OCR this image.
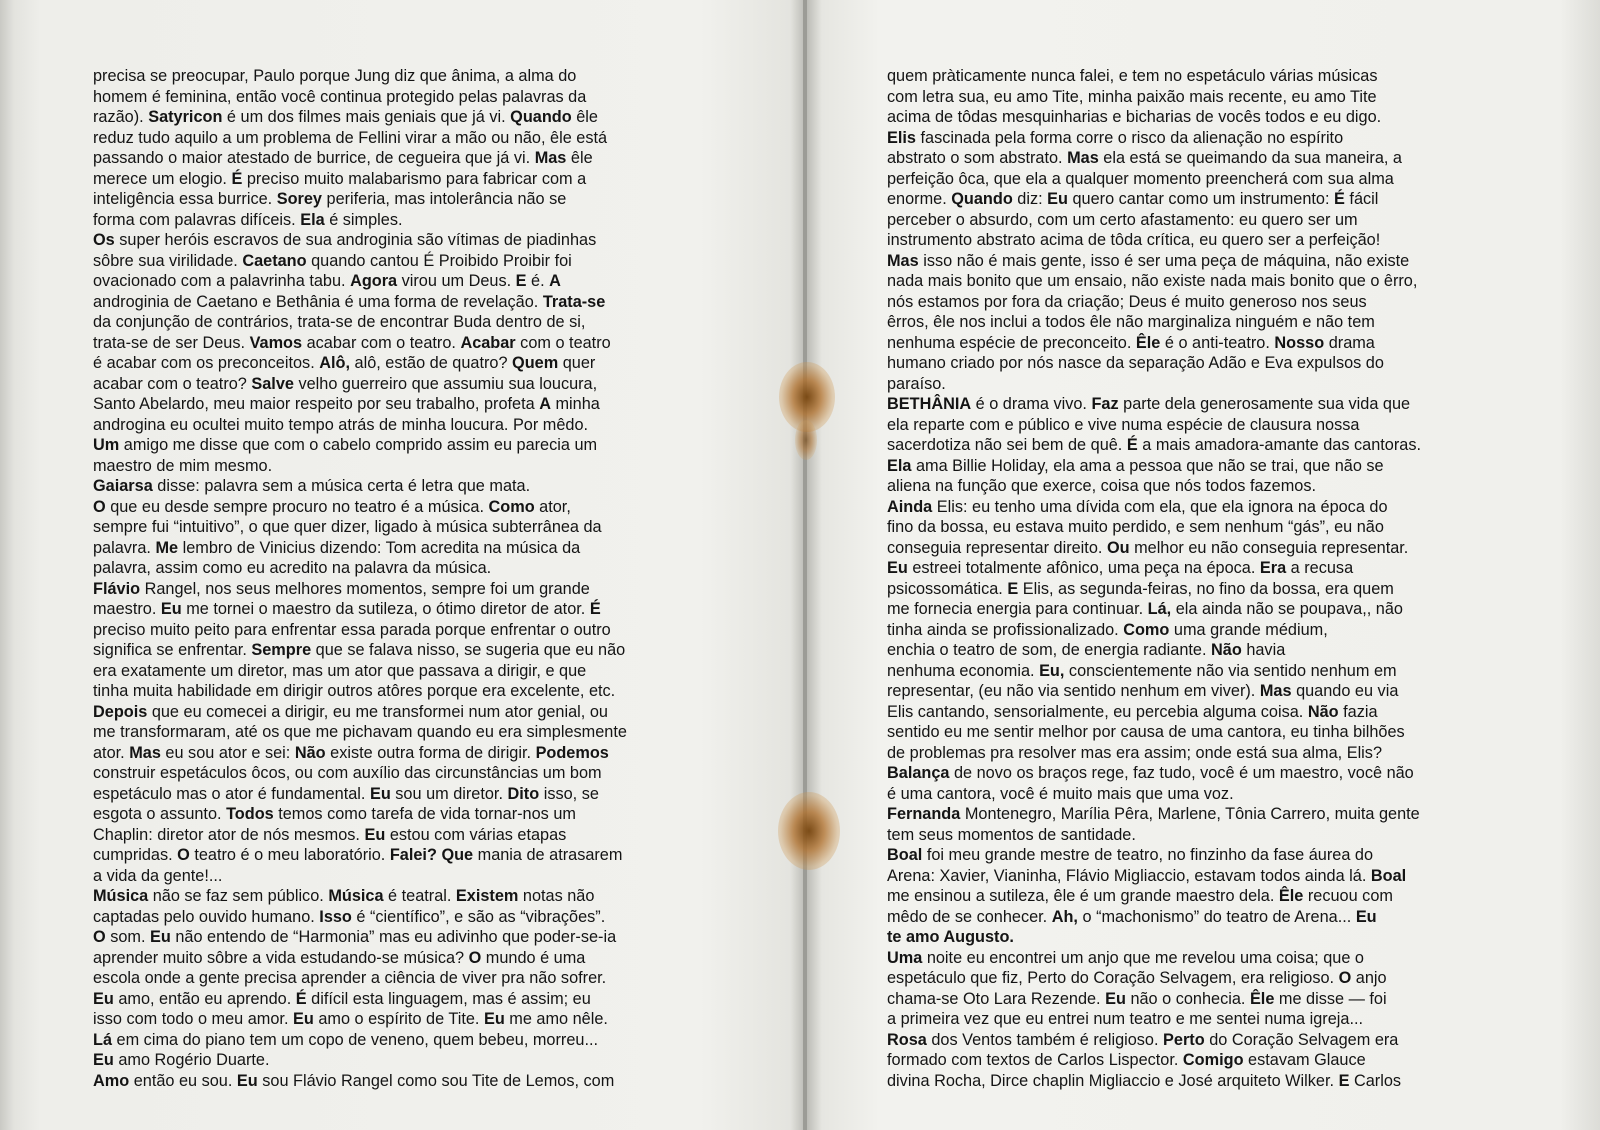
precisa se preocupar, Paulo porque Jung diz que ânima, a alma do
homem é feminina, então você continua protegido pelas palavras da
razão). Satyricon é um dos filmes mais geniais que já vi. Quando êle
reduz tudo aquilo a um problema de Fellini virar a mão ou não, êle está
passando o maior atestado de burrice, de cegueira que já vi. Mas êle
merece um elogio. É preciso muito malabarismo para fabricar com a
inteligência essa burrice. Sorey periferia, mas intolerância não se
forma com palavras difíceis. Ela é simples.
Os super heróis escravos de sua androginia são vítimas de piadinhas
sôbre sua virilidade. Caetano quando cantou É Proibido Proibir foi
ovacionado com a palavrinha tabu. Agora virou um Deus. E é. A
androginia de Caetano e Bethânia é uma forma de revelação. Trata-se
da conjunção de contrários, trata-se de encontrar Buda dentro de si,
trata-se de ser Deus. Vamos acabar com o teatro. Acabar com o teatro
é acabar com os preconceitos. Alô, alô, estão de quatro? Quem quer
acabar com o teatro? Salve velho guerreiro que assumiu sua loucura,
Santo Abelardo, meu maior respeito por seu trabalho, profeta A minha
androgina eu ocultei muito tempo atrás de minha loucura. Por mêdo.
Um amigo me disse que com o cabelo comprido assim eu parecia um
maestro de mim mesmo.
Gaiarsa disse: palavra sem a música certa é letra que mata.
O que eu desde sempre procuro no teatro é a música. Como ator,
sempre fui “intuitivo”, o que quer dizer, ligado à música subterrânea da
palavra. Me lembro de Vinicius dizendo: Tom acredita na música da
palavra, assim como eu acredito na palavra da música.
Flávio Rangel, nos seus melhores momentos, sempre foi um grande
maestro. Eu me tornei o maestro da sutileza, o ótimo diretor de ator. É
preciso muito peito para enfrentar essa parada porque enfrentar o outro
significa se enfrentar. Sempre que se falava nisso, se sugeria que eu não
era exatamente um diretor, mas um ator que passava a dirigir, e que
tinha muita habilidade em dirigir outros atôres porque era excelente, etc.
Depois que eu comecei a dirigir, eu me transformei num ator genial, ou
me transformaram, até os que me pichavam quando eu era simplesmente
ator. Mas eu sou ator e sei: Não existe outra forma de dirigir. Podemos
construir espetáculos ôcos, ou com auxílio das circunstâncias um bom
espetáculo mas o ator é fundamental. Eu sou um diretor. Dito isso, se
esgota o assunto. Todos temos como tarefa de vida tornar-nos um
Chaplin: diretor ator de nós mesmos. Eu estou com várias etapas
cumpridas. O teatro é o meu laboratório. Falei? Que mania de atrasarem
a vida da gente!...
Música não se faz sem público. Música é teatral. Existem notas não
captadas pelo ouvido humano. Isso é “científico”, e são as “vibrações”.
O som. Eu não entendo de “Harmonia” mas eu adivinho que poder-se-ia
aprender muito sôbre a vida estudando-se música? O mundo é uma
escola onde a gente precisa aprender a ciência de viver pra não sofrer.
Eu amo, então eu aprendo. É difícil esta linguagem, mas é assim; eu
isso com todo o meu amor. Eu amo o espírito de Tite. Eu me amo nêle.
Lá em cima do piano tem um copo de veneno, quem bebeu, morreu...
Eu amo Rogério Duarte.
Amo então eu sou. Eu sou Flávio Rangel como sou Tite de Lemos, com
quem pràticamente nunca falei, e tem no espetáculo várias músicas
com letra sua, eu amo Tite, minha paixão mais recente, eu amo Tite
acima de tôdas mesquinharias e bicharias de vocês todos e eu digo.
Elis fascinada pela forma corre o risco da alienação no espírito
abstrato o som abstrato. Mas ela está se queimando da sua maneira, a
perfeição ôca, que ela a qualquer momento preencherá com sua alma
enorme. Quando diz: Eu quero cantar como um instrumento: É fácil
perceber o absurdo, com um certo afastamento: eu quero ser um
instrumento abstrato acima de tôda crítica, eu quero ser a perfeição!
Mas isso não é mais gente, isso é ser uma peça de máquina, não existe
nada mais bonito que um ensaio, não existe nada mais bonito que o êrro,
nós estamos por fora da criação; Deus é muito generoso nos seus
êrros, êle nos inclui a todos êle não marginaliza ninguém e não tem
nenhuma espécie de preconceito. Êle é o anti-teatro. Nosso drama
humano criado por nós nasce da separação Adão e Eva expulsos do
paraíso.
BETHÂNIA é o drama vivo. Faz parte dela generosamente sua vida que
ela reparte com e público e vive numa espécie de clausura nossa
sacerdotiza não sei bem de quê. É a mais amadora-amante das cantoras.
Ela ama Billie Holiday, ela ama a pessoa que não se trai, que não se
aliena na função que exerce, coisa que nós todos fazemos.
Ainda Elis: eu tenho uma dívida com ela, que ela ignora na época do
fino da bossa, eu estava muito perdido, e sem nenhum “gás”, eu não
conseguia representar direito. Ou melhor eu não conseguia representar.
Eu estreei totalmente afônico, uma peça na época. Era a recusa
psicossomática. E Elis, as segunda-feiras, no fino da bossa, era quem
me fornecia energia para continuar. Lá, ela ainda não se poupava,, não
tinha ainda se profissionalizado. Como uma grande médium,
enchia o teatro de som, de energia radiante. Não havia
nenhuma economia. Eu, conscientemente não via sentido nenhum em
representar, (eu não via sentido nenhum em viver). Mas quando eu via
Elis cantando, sensorialmente, eu percebia alguma coisa. Não fazia
sentido eu me sentir melhor por causa de uma cantora, eu tinha bilhões
de problemas pra resolver mas era assim; onde está sua alma, Elis?
Balança de novo os braços rege, faz tudo, você é um maestro, você não
é uma cantora, você é muito mais que uma voz.
Fernanda Montenegro, Marília Pêra, Marlene, Tônia Carrero, muita gente
tem seus momentos de santidade.
Boal foi meu grande mestre de teatro, no finzinho da fase áurea do
Arena: Xavier, Vianinha, Flávio Migliaccio, estavam todos ainda lá. Boal
me ensinou a sutileza, êle é um grande maestro dela. Êle recuou com
mêdo de se conhecer. Ah, o “machonismo” do teatro de Arena... Eu
te amo Augusto.
Uma noite eu encontrei um anjo que me revelou uma coisa; que o
espetáculo que fiz, Perto do Coração Selvagem, era religioso. O anjo
chama-se Oto Lara Rezende. Eu não o conhecia. Êle me disse — foi
a primeira vez que eu entrei num teatro e me sentei numa igreja...
Rosa dos Ventos também é religioso. Perto do Coração Selvagem era
formado com textos de Carlos Lispector. Comigo estavam Glauce
divina Rocha, Dirce chaplin Migliaccio e José arquiteto Wilker. E Carlos
